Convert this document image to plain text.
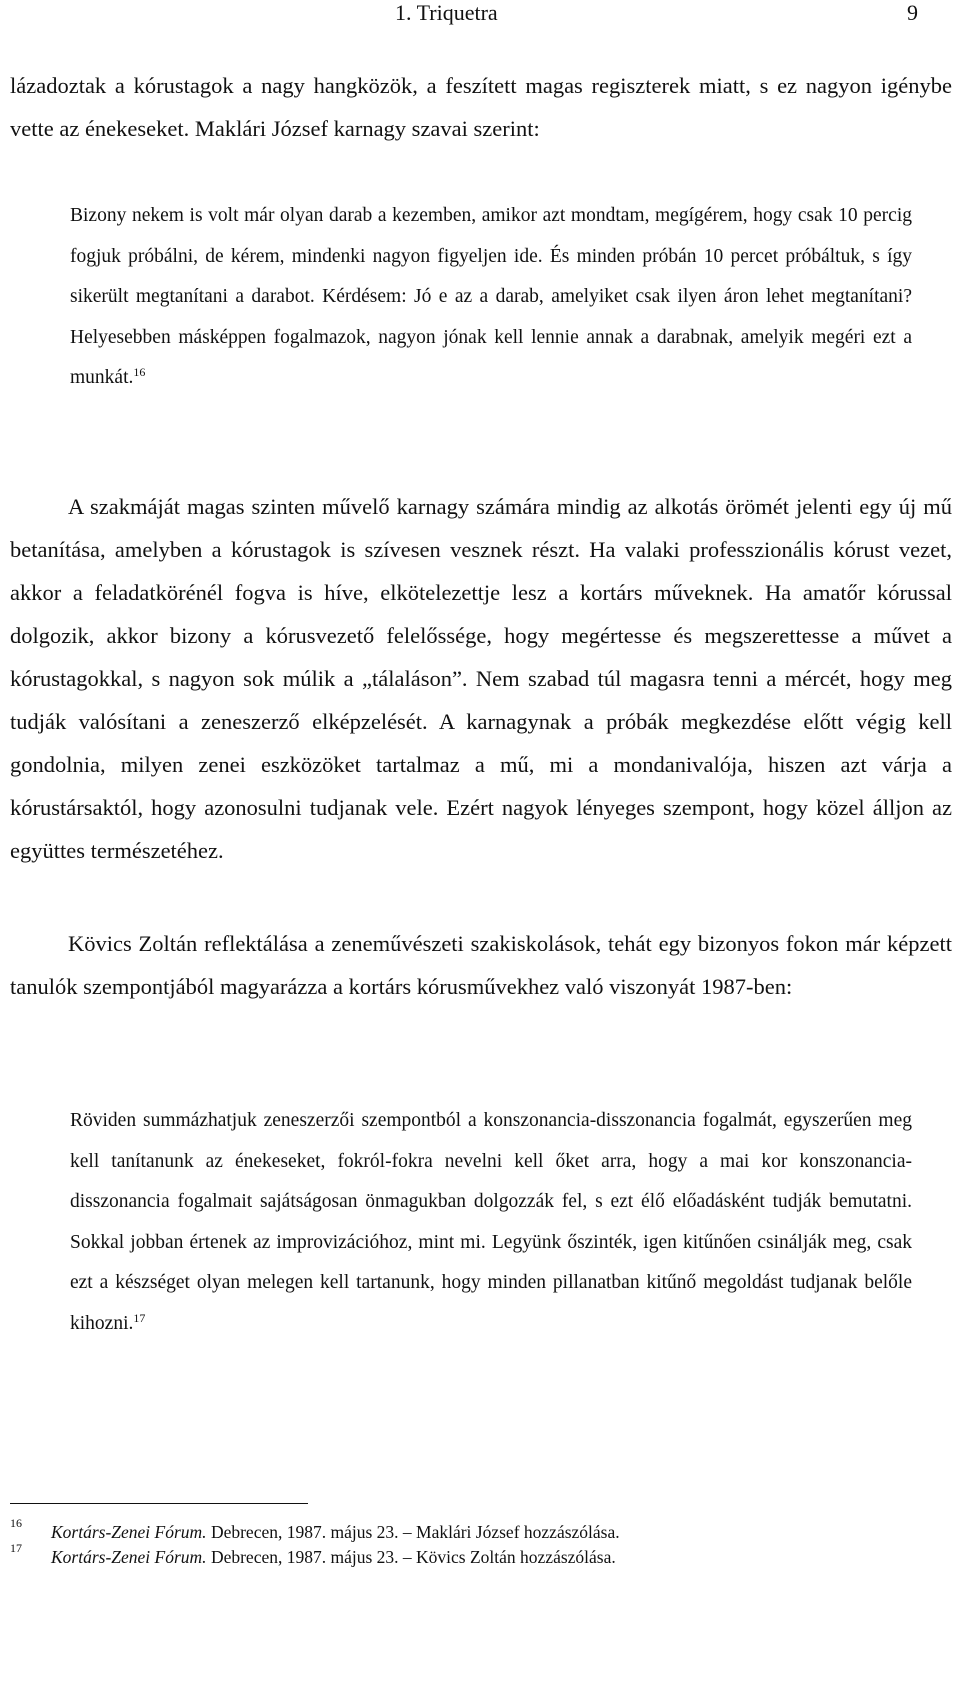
1. Triquetra	9

lázadoztak a kórustagok a nagy hangközök, a feszített magas regiszterek miatt, s ez nagyon igénybe vette az énekeseket. Maklári József karnagy szavai szerint:

Bizony nekem is volt már olyan darab a kezemben, amikor azt mondtam, megígérem, hogy csak 10 percig fogjuk próbálni, de kérem, mindenki nagyon figyeljen ide. És minden próbán 10 percet próbáltuk, s így sikerült megtanítani a darabot. Kérdésem: Jó e az a darab, amelyiket csak ilyen áron lehet megtanítani? Helyesebben másképpen fogalmazok, nagyon jónak kell lennie annak a darabnak, amelyik megéri ezt a munkát.$^{16}$

A szakmáját magas szinten művelő karnagy számára mindig az alkotás örömét jelenti egy új mű betanítása, amelyben a kórustagok is szívesen vesznek részt. Ha valaki professzionális kórust vezet, akkor a feladatkörénél fogva is híve, elkötelezettje lesz a kortárs műveknek. Ha amatőr kórussal dolgozik, akkor bizony a kórusvezető felelőssége, hogy megértesse és megszerettesse a művet a kórustagokkal, s nagyon sok múlik a „tálaláson”. Nem szabad túl magasra tenni a mércét, hogy meg tudják valósítani a zeneszerző elképzelését. A karnagynak a próbák megkezdése előtt végig kell gondolnia, milyen zenei eszközöket tartalmaz a mű, mi a mondanivalója, hiszen azt várja a kórustársaktól, hogy azonosulni tudjanak vele. Ezért nagyok lényeges szempont, hogy közel álljon az együttes természetéhez.

Kövics Zoltán reflektálása a zeneművészeti szakiskolások, tehát egy bizonyos fokon már képzett tanulók szempontjából magyarázza a kortárs kórusművekhez való viszonyát 1987-ben:

Röviden summázhatjuk zeneszerzői szempontból a konszonancia-disszonancia fogalmát, egyszerűen meg kell tanítanunk az énekeseket, fokról-fokra nevelni kell őket arra, hogy a mai kor konszonancia-disszonancia fogalmait sajátságosan önmagukban dolgozzák fel, s ezt élő előadásként tudják bemutatni. Sokkal jobban értenek az improvizációhoz, mint mi. Legyünk őszinték, igen kitűnően csinálják meg, csak ezt a készséget olyan melegen kell tartanunk, hogy minden pillanatban kitűnő megoldást tudjanak belőle kihozni.$^{17}$

16 Kortárs-Zenei Fórum. Debrecen, 1987. május 23. – Maklári József hozzászólása.
17 Kortárs-Zenei Fórum. Debrecen, 1987. május 23. – Kövics Zoltán hozzászólása.
